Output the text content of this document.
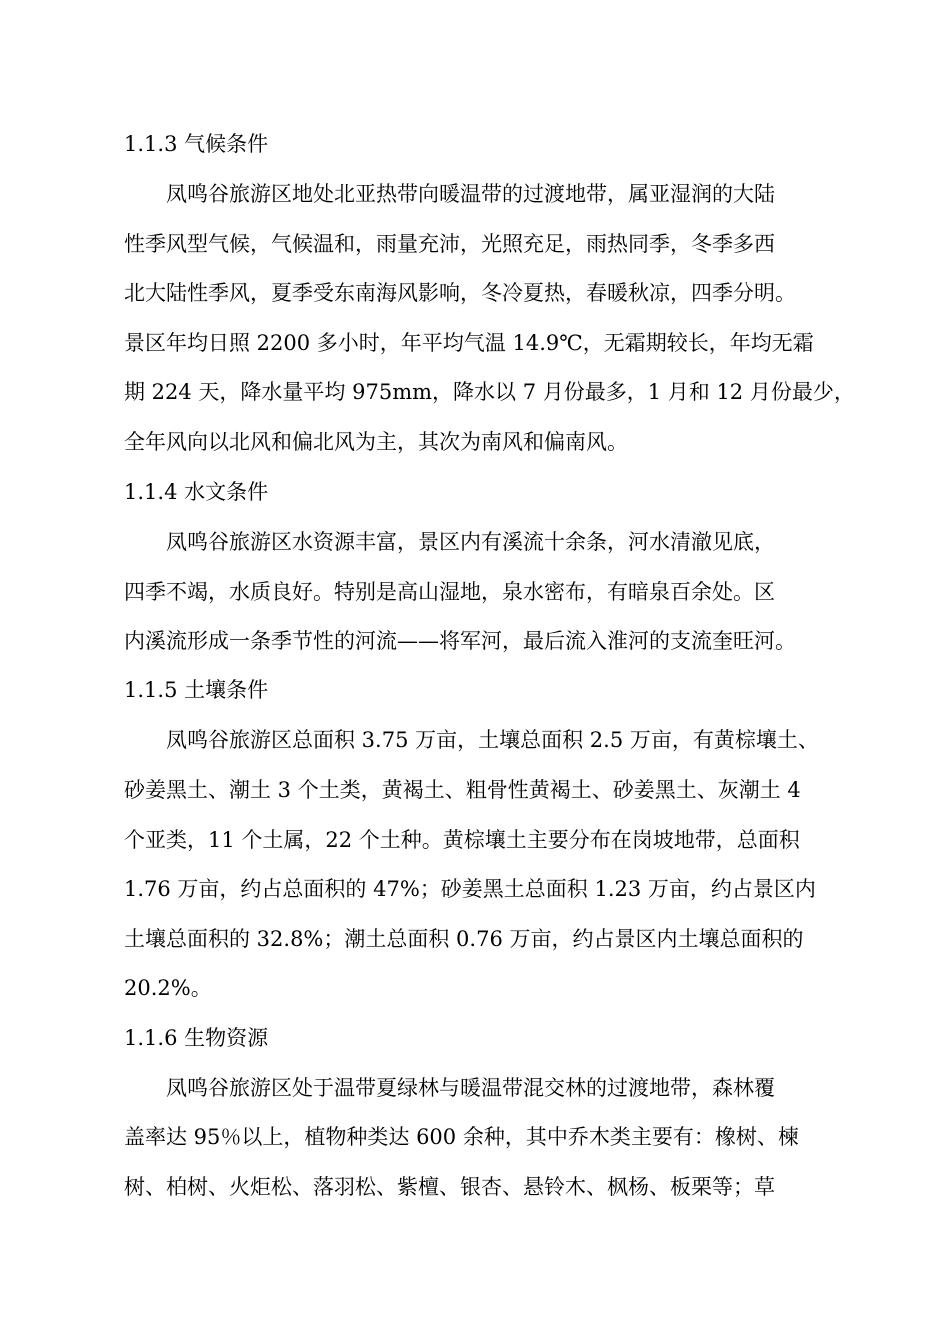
1.1.3 气候条件
凤鸣谷旅游区地处北亚热带向暖温带的过渡地带，属亚湿润的大陆
性季风型气候，气候温和，雨量充沛，光照充足，雨热同季，冬季多西
北大陆性季风，夏季受东南海风影响，冬冷夏热，春暖秋凉，四季分明。
景区年均日照 2200 多小时，年平均气温 14.9℃，无霜期较长，年均无霜
期 224 天，降水量平均 975mm，降水以 7 月份最多，1 月和 12 月份最少，
全年风向以北风和偏北风为主，其次为南风和偏南风。
1.1.4 水文条件
凤鸣谷旅游区水资源丰富，景区内有溪流十余条，河水清澈见底，
四季不竭，水质良好。特别是高山湿地，泉水密布，有暗泉百余处。区
内溪流形成一条季节性的河流——将军河，最后流入淮河的支流奎旺河。
1.1.5 土壤条件
凤鸣谷旅游区总面积 3.75 万亩，土壤总面积 2.5 万亩，有黄棕壤土、
砂姜黑土、潮土 3 个土类，黄褐土、粗骨性黄褐土、砂姜黑土、灰潮土 4
个亚类，11 个土属，22 个土种。黄棕壤土主要分布在岗坡地带，总面积
1.76 万亩，约占总面积的 47%；砂姜黑土总面积 1.23 万亩，约占景区内
土壤总面积的 32.8%；潮土总面积 0.76 万亩，约占景区内土壤总面积的
20.2%。
1.1.6 生物资源
凤鸣谷旅游区处于温带夏绿林与暖温带混交林的过渡地带，森林覆
盖率达 95％以上，植物种类达 600 余种，其中乔木类主要有：橡树、楝
树、柏树、火炬松、落羽松、紫檀、银杏、悬铃木、枫杨、板栗等；草
